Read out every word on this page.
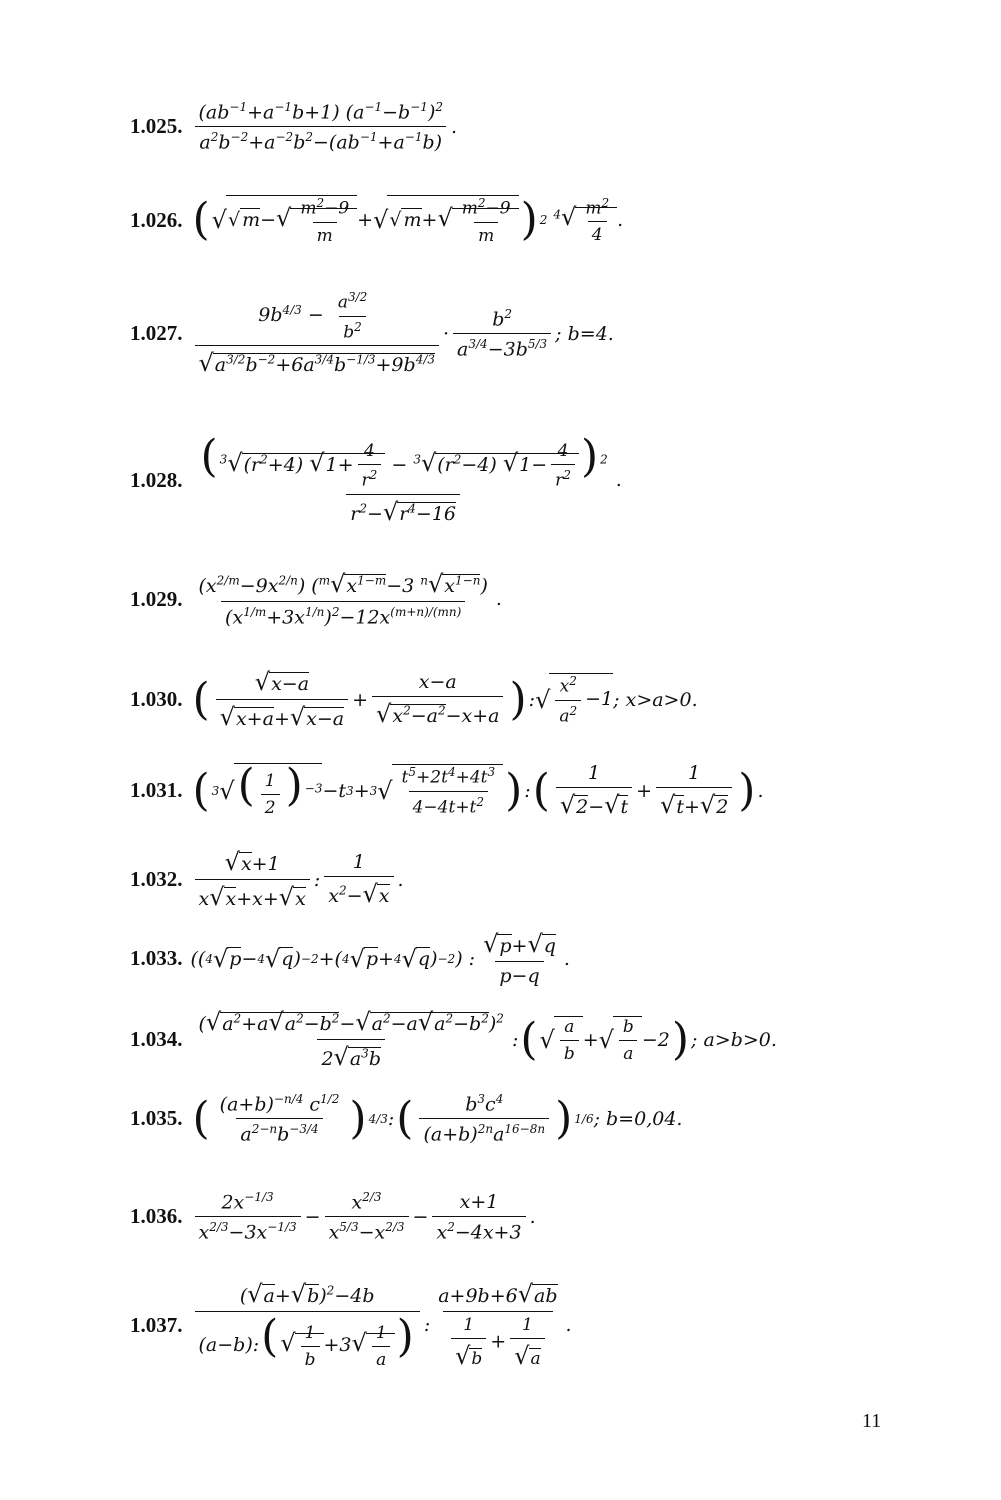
1.025. $\frac{(ab^{-1}+a^{-1}b+1) (a^{-1}-b^{-1})^2}{a^2b^{-2}+a^{-2}b^2-(ab^{-1}+a^{-1}b)}$ .
1.026. ( √ √ $m-√ \frac{m^2-9}{m}$ + √ √ $m+√ \frac{m^2-9}{m}$ ) 2 $^4√ \frac{m^2}{4}$ .
1.027. $\frac{9b^{4/3} - \frac{a^{3/2}}{b^2}}{√a^{3/2}b^{-2}+6a^{3/4}b^{-1/3}+9b^{4/3}} \cdot \frac{b^2}{a^{3/4}-3b^{5/3}}$ ; b=4.
1.028. $\frac{( ^3√(r^2+4) √1+ \frac{4}{r^2} - ^3√(r^2-4) √1- \frac{4}{r^2} ) ^2}{r^2-√r^4-16}$ .
1.029. $\frac{(x^{2/m}-9x^{2/n}) (^m√x^{1-m}-3 ^n√x^{1-n})}{(x^{1/m}+3x^{1/n})^2-12x^{(m+n)/(mn)}}$ .
1.030. ( $\frac{√x-a}{√x+a+√x-a} + \frac{x-a}{√x^2-a^2-x+a}$ ) : √ $\frac{x^2}{a^2} -1$ ; x>a>0.
1.031. ( 3 √ ( $\frac{1}{2}$ ) $^{-3}$ −t 3 + 3 √ $\frac{t^5+2t^4+4t^3}{4-4t+t^2}$ ) : ( $\frac{1}{√2-√t} + \frac{1}{√t+√2}$ ) .
1.032. $\frac{√x+1}{x√x+x+√x}$ : $\frac{1}{x^2-√x}$ .
1.033. (( 4 √ p − 4 √ q ) −2 +( 4 √ p + 4 √ q ) −2 ) : $\frac{√p+√q}{p-q}$ .
1.034. $\frac{(√a^2+a√a^2-b^2-√a^2-a√a^2-b^2)^2}{2√a^3b}$ : ( √ $\frac{a}{b}$ + √ $\frac{b}{a} -2$ ) ; a>b>0.
1.035. ( $\frac{(a+b)^{-n/4} c^{1/2}}{a^{2-n}b^{-3/4}}$ ) 4/3 : ( $\frac{b^3c^4}{(a+b)^{2n}a^{16-8n}}$ ) 1/6 ; b=0,04.
1.036. $\frac{2x^{-1/3}}{x^{2/3}-3x^{-1/3}} - \frac{x^{2/3}}{x^{5/3}-x^{2/3}} - \frac{x+1}{x^2-4x+3}$ .
1.037. $\frac{(√a+√b)^2-4b}{(a-b):(√ \frac{1}{b} +3√ \frac{1}{a} )}$ : $\frac{a+9b+6√ab}{\frac{1}{√b} + \frac{1}{√a}}$ .
11
